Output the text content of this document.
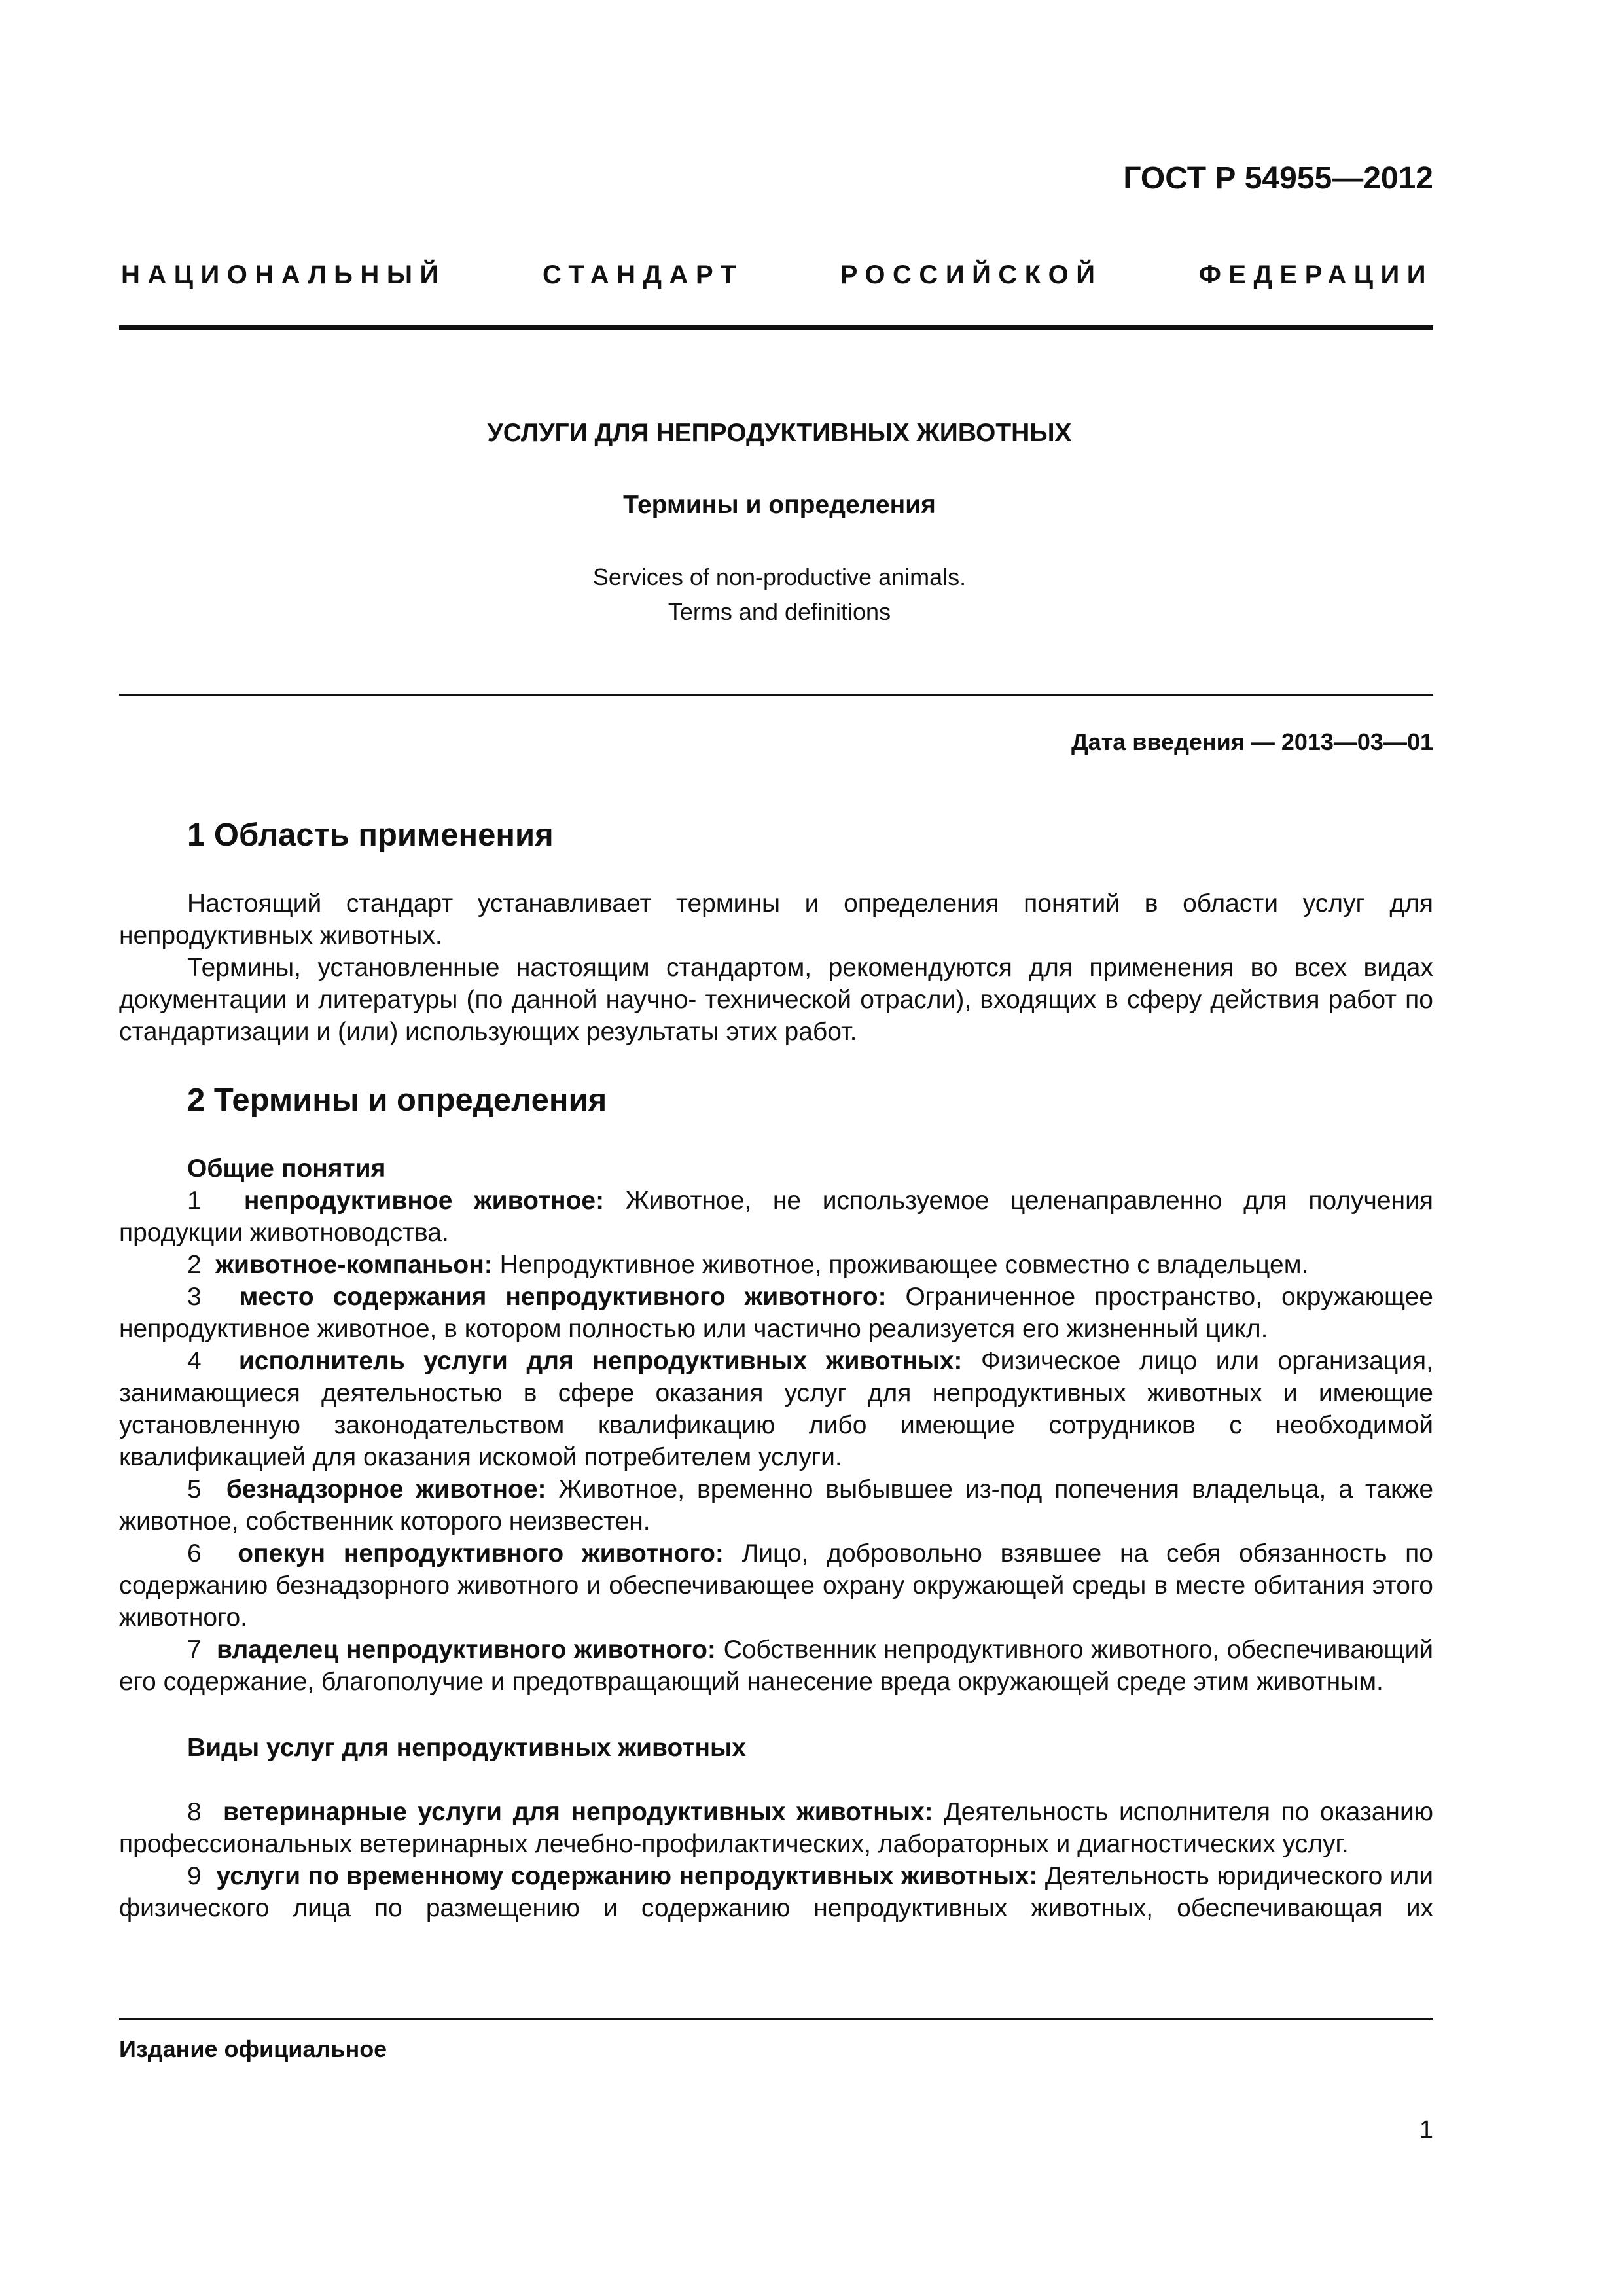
ГОСТ Р 54955—2012
НАЦИОНАЛЬНЫЙ СТАНДАРТ РОССИЙСКОЙ ФЕДЕРАЦИИ
УСЛУГИ ДЛЯ НЕПРОДУКТИВНЫХ ЖИВОТНЫХ
Термины и определения
Services of non-productive animals.
Terms and definitions
Дата введения — 2013—03—01
1 Область применения

Настоящий стандарт устанавливает термины и определения понятий в области услуг для непродуктивных животных.

Термины, установленные настоящим стандартом, рекомендуются для применения во всех видах документации и литературы (по данной научно- технической отрасли), входящих в сферу действия работ по стандартизации и (или) использующих результаты этих работ.

2 Термины и определения
Общие понятия

1 непродуктивное животное: Животное, не используемое целенаправленно для получения продукции животноводства.

2 животное-компаньон: Непродуктивное животное, проживающее совместно с владельцем.

3 место содержания непродуктивного животного: Ограниченное пространство, окружающее непродуктивное животное, в котором полностью или частично реализуется его жизненный цикл.

4 исполнитель услуги для непродуктивных животных: Физическое лицо или организация, занимающиеся деятельностью в сфере оказания услуг для непродуктивных животных и имеющие установленную законодательством квалификацию либо имеющие сотрудников с необходимой квалификацией для оказания искомой потребителем услуги.

5 безнадзорное животное: Животное, временно выбывшее из-под попечения владельца, а также животное, собственник которого неизвестен.

6 опекун непродуктивного животного: Лицо, добровольно взявшее на себя обязанность по содержанию безнадзорного животного и обеспечивающее охрану окружающей среды в месте обитания этого животного.

7 владелец непродуктивного животного: Собственник непродуктивного животного, обеспечивающий его содержание, благополучие и предотвращающий нанесение вреда окружающей среде этим животным.

Виды услуг для непродуктивных животных

8 ветеринарные услуги для непродуктивных животных: Деятельность исполнителя по оказанию профессиональных ветеринарных лечебно-профилактических, лабораторных и диагностических услуг.

9 услуги по временному содержанию непродуктивных животных: Деятельность юридического или физического лица по размещению и содержанию непродуктивных животных, обеспечивающая их

Издание официальное
1
